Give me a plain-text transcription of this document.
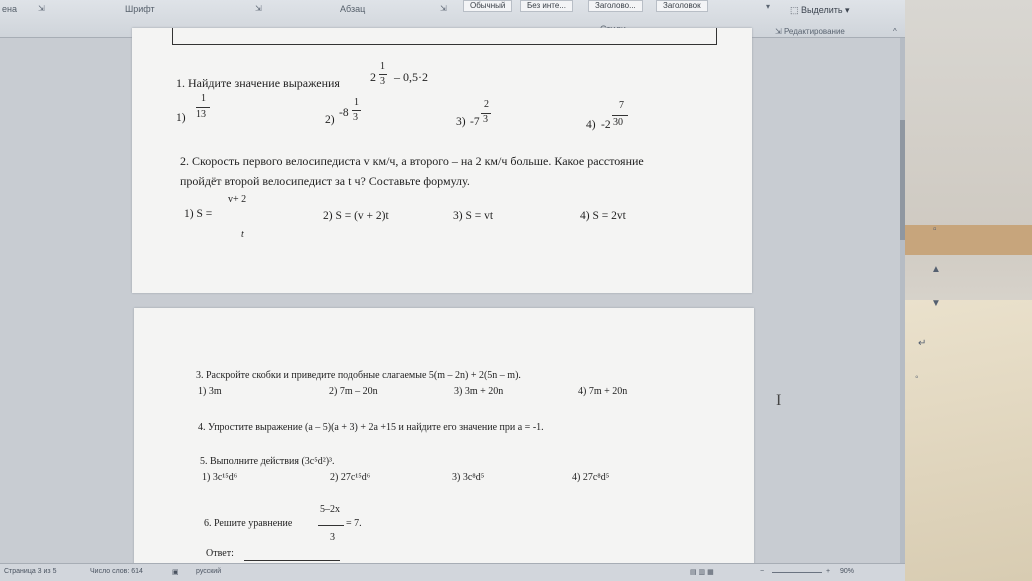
ена	⇲	Шрифт	⇲	Абзац	⇲	Обычный	Без инте...	Заголово...	Заголовок	▾ ⬚ Выделить ▾
⇲ Редактирование	^
1. Найдите значение выражения	2
1
3 – 0,5·2
1)
1
13	2)
-8
1
3	3) -7
2
3	4) -2
7
30
2. Скорость первого велосипедиста v км/ч, а второго – на 2 км/ч больше. Какое расстояние
пройдёт второй велосипедист за t ч? Составьте формулу.
1) S =
v+ 2
t
2) S = (v + 2)t	3) S = vt	4) S = 2vt
3. Раскройте скобки и приведите подобные слагаемые 5(m – 2n) + 2(5n – m).
1) 3m	2) 7m – 20n	3) 3m + 20n	4) 7m + 20n
4. Упростите выражение (a – 5)(a + 3) + 2a +15 и найдите его значение при a = -1.
5. Выполните действия (3c⁵d²)³.
1) 3c¹⁵d⁶	2) 27c¹⁵d⁶	3) 3c⁸d⁵	4) 27c⁸d⁵
6. Решите уравнение
5–2x
3
= 7.
Ответ:
I
▫
▲
▼
↵
◦
Страница 3 из 5	Число слов: 614	▣ русский	▤ ▥ ▦	−	+ 90%
